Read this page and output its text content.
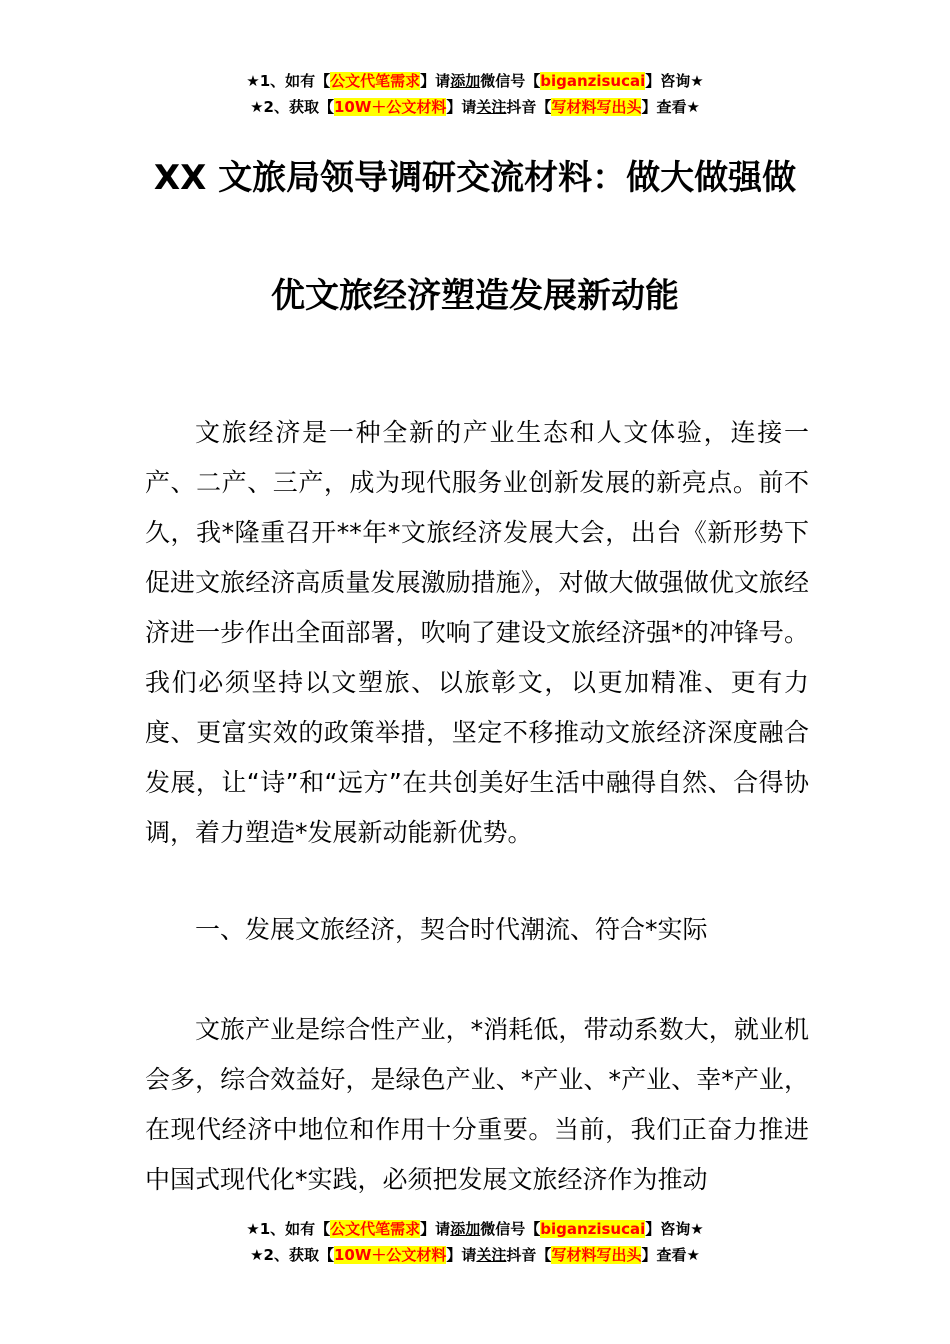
★1、如有【公文代笔需求】请添加微信号【biganzisucai】咨询★
★2、获取【10W＋公文材料】请关注抖音【写材料写出头】查看★
XX 文旅局领导调研交流材料：做大做强做
优文旅经济塑造发展新动能

文旅经济是一种全新的产业生态和人文体验，连接一产、二产、三产，成为现代服务业创新发展的新亮点。前不久，我*隆重召开**年*文旅经济发展大会，出台《新形势下促进文旅经济高质量发展激励措施》，对做大做强做优文旅经济进一步作出全面部署，吹响了建设文旅经济强*的冲锋号。我们必须坚持以文塑旅、以旅彰文，以更加精准、更有力度、更富实效的政策举措，坚定不移推动文旅经济深度融合发展，让“诗”和“远方”在共创美好生活中融得自然、合得协调，着力塑造*发展新动能新优势。

一、发展文旅经济，契合时代潮流、符合*实际

文旅产业是综合性产业，*消耗低，带动系数大，就业机会多，综合效益好，是绿色产业、*产业、*产业、幸*产业，在现代经济中地位和作用十分重要。当前，我们正奋力推进中国式现代化*实践，必须把发展文旅经济作为推动

★1、如有【公文代笔需求】请添加微信号【biganzisucai】咨询★
★2、获取【10W＋公文材料】请关注抖音【写材料写出头】查看★
